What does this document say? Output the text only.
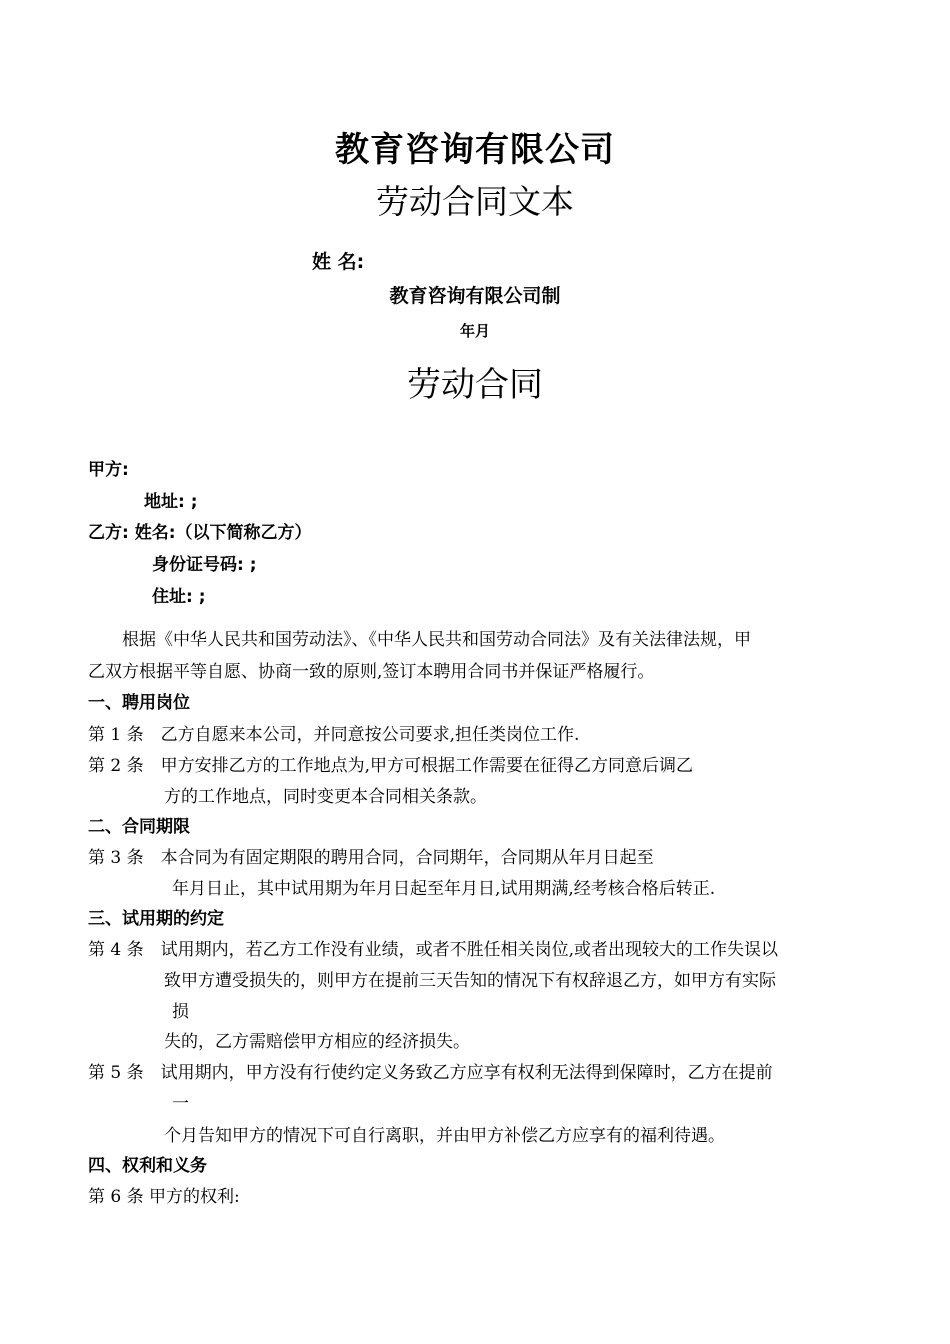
教育咨询有限公司
劳动合同文本
姓 名:
教育咨询有限公司制
年月
劳动合同
甲方:
地址: ;
乙方: 姓名:（以下简称乙方）
身份证号码: ;
住址: ;
根据《中华人民共和国劳动法》、《中华人民共和国劳动合同法》及有关法律法规，甲
乙双方根据平等自愿、协商一致的原则,签订本聘用合同书并保证严格履行。
一、聘用岗位
第 1 条　乙方自愿来本公司，并同意按公司要求,担任类岗位工作.
第 2 条　甲方安排乙方的工作地点为,甲方可根据工作需要在征得乙方同意后调乙
方的工作地点，同时变更本合同相关条款。
二、合同期限
第 3 条　本合同为有固定期限的聘用合同，合同期年，合同期从年月日起至
年月日止，其中试用期为年月日起至年月日,试用期满,经考核合格后转正.
三、试用期的约定
第 4 条　试用期内，若乙方工作没有业绩，或者不胜任相关岗位,或者出现较大的工作失误以
致甲方遭受损失的，则甲方在提前三天告知的情况下有权辞退乙方，如甲方有实际
损
失的，乙方需赔偿甲方相应的经济损失。
第 5 条　试用期内，甲方没有行使约定义务致乙方应享有权利无法得到保障时，乙方在提前
一
个月告知甲方的情况下可自行离职，并由甲方补偿乙方应享有的福利待遇。
四、权利和义务
第 6 条 甲方的权利:
